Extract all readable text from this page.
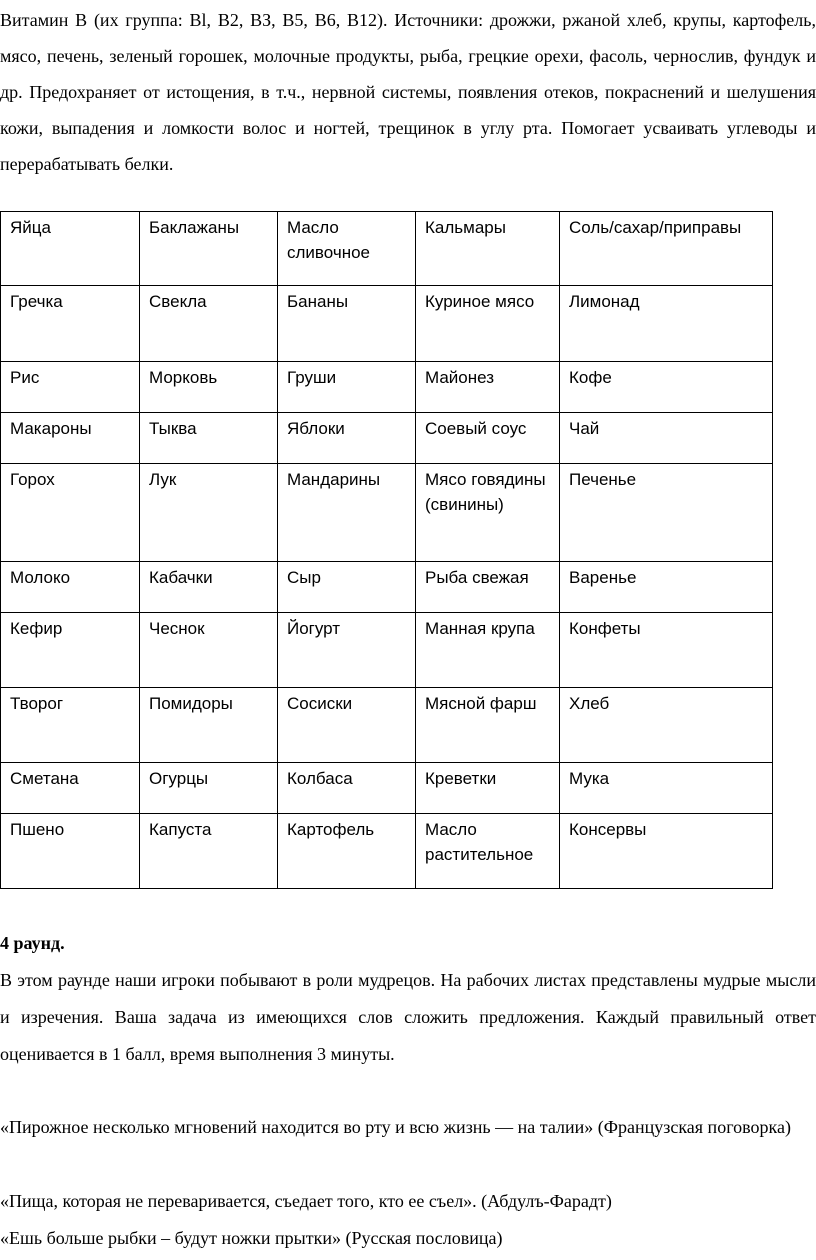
Витамин В (их группа: Вl, В2, ВЗ, В5, В6, В12). Источники: дрожжи, ржаной хлеб, крупы, картофель, мясо, печень, зеленый горошек, молочные продукты, рыба, грецкие орехи, фасоль, чернослив, фундук и др. Предохраняет от истощения, в т.ч., нервной системы, появления отеков, покраснений и шелушения кожи, выпадения и ломкости волос и ногтей, трещинок в углу рта. Помогает усваивать углеводы и перерабатывать белки.

Яйца	Баклажаны	Масло сливочное	Кальмары	Соль/сахар/приправы
Гречка	Свекла	Бананы	Куриное мясо	Лимонад
Рис	Морковь	Груши	Майонез	Кофе
Макароны	Тыква	Яблоки	Соевый соус	Чай
Горох	Лук	Мандарины	Мясо говядины (свинины)	Печенье
Молоко	Кабачки	Сыр	Рыба свежая	Варенье
Кефир	Чеснок	Йогурт	Манная крупа	Конфеты
Творог	Помидоры	Сосиски	Мясной фарш	Хлеб
Сметана	Огурцы	Колбаса	Креветки	Мука
Пшено	Капуста	Картофель	Масло растительное	Консервы

4 раунд.

В этом раунде наши игроки побывают в роли мудрецов. На рабочих листах представлены мудрые мысли и изречения. Ваша задача из имеющихся слов сложить предложения. Каждый правильный ответ оценивается в 1 балл, время выполнения 3 минуты.

«Пирожное несколько мгновений находится во рту и всю жизнь — на талии» (Французская поговорка)

«Пища, которая не переваривается, съедает того, кто ее съел». (Абдулъ-Фарадт)

«Ешь больше рыбки – будут ножки прытки» (Русская пословица)
